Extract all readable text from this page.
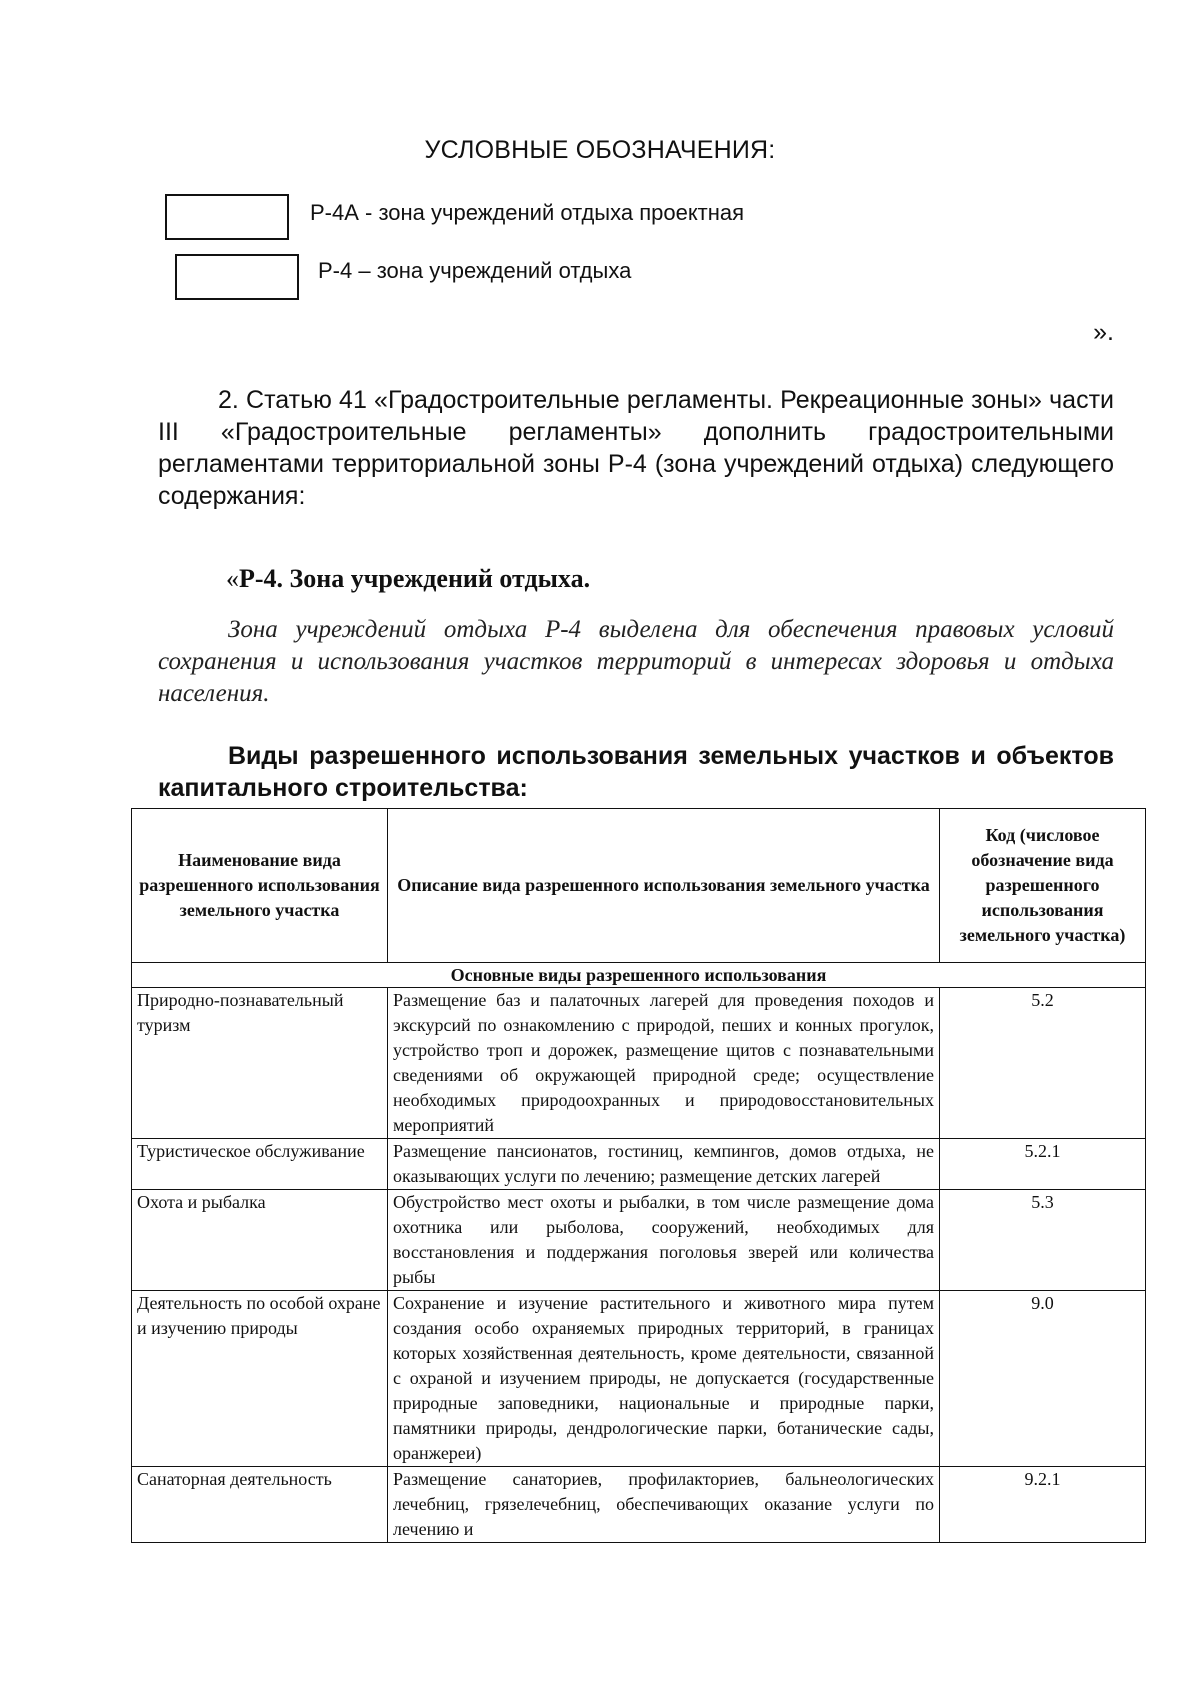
УСЛОВНЫЕ ОБОЗНАЧЕНИЯ:
Р-4А - зона учреждений отдыха проектная
Р-4 – зона учреждений отдыха
».
2. Статью 41 «Градостроительные регламенты. Рекреационные зоны» части III «Градостроительные регламенты» дополнить градостроительными регламентами территориальной зоны Р-4 (зона учреждений отдыха) следующего содержания:
«Р-4. Зона учреждений отдыха.
Зона учреждений отдыха Р-4 выделена для обеспечения правовых условий сохранения и использования участков территорий в интересах здоровья и отдыха населения.
Виды разрешенного использования земельных участков и объектов капитального строительства:
Наименование вида разрешенного использования земельного участка	Описание вида разрешенного использования земельного участка	Код (числовое обозначение вида разрешенного использования земельного участка)
Основные виды разрешенного использования		
Природно-познавательный туризм	Размещение баз и палаточных лагерей для проведения походов и экскурсий по ознакомлению с природой, пеших и конных прогулок, устройство троп и дорожек, размещение щитов с познавательными сведениями об окружающей природной среде; осуществление необходимых природоохранных и природовосстановительных мероприятий	5.2
Туристическое обслуживание	Размещение пансионатов, гостиниц, кемпингов, домов отдыха, не оказывающих услуги по лечению; размещение детских лагерей	5.2.1
Охота и рыбалка	Обустройство мест охоты и рыбалки, в том числе размещение дома охотника или рыболова, сооружений, необходимых для восстановления и поддержания поголовья зверей или количества рыбы	5.3
Деятельность по особой охране и изучению природы	Сохранение и изучение растительного и животного мира путем создания особо охраняемых природных территорий, в границах которых хозяйственная деятельность, кроме деятельности, связанной с охраной и изучением природы, не допускается (государственные природные заповедники, национальные и природные парки, памятники природы, дендрологические парки, ботанические сады, оранжереи)	9.0
Санаторная деятельность	Размещение санаториев, профилакториев, бальнеологических лечебниц, грязелечебниц, обеспечивающих оказание услуги по лечению и	9.2.1
